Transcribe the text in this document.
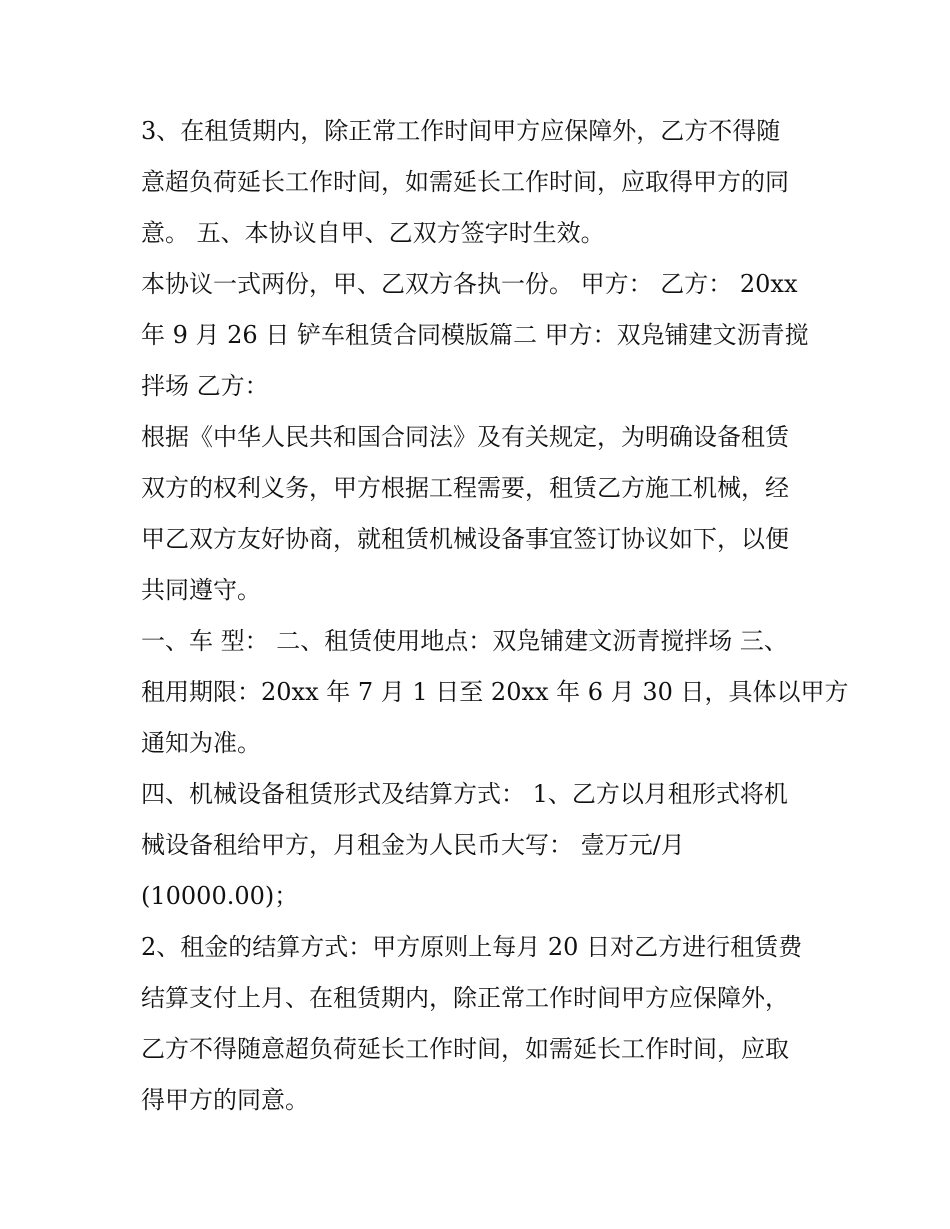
3、在租赁期内，除正常工作时间甲方应保障外，乙方不得随
意超负荷延长工作时间，如需延长工作时间，应取得甲方的同
意。 五、本协议自甲、乙双方签字时生效。
本协议一式两份，甲、乙双方各执一份。 甲方： 乙方： 20xx
年 9 月 26 日 铲车租赁合同模版篇二 甲方：双凫铺建文沥青搅
拌场 乙方：
根据《中华人民共和国合同法》及有关规定，为明确设备租赁
双方的权利义务，甲方根据工程需要，租赁乙方施工机械，经
甲乙双方友好协商，就租赁机械设备事宜签订协议如下，以便
共同遵守。
一、车 型： 二、租赁使用地点：双凫铺建文沥青搅拌场 三、
租用期限：20xx 年 7 月 1 日至 20xx 年 6 月 30 日，具体以甲方
通知为准。
四、机械设备租赁形式及结算方式： 1、乙方以月租形式将机
械设备租给甲方，月租金为人民币大写： 壹万元/月
(10000.00)；
2、租金的结算方式：甲方原则上每月 20 日对乙方进行租赁费
结算支付上月、在租赁期内，除正常工作时间甲方应保障外，
乙方不得随意超负荷延长工作时间，如需延长工作时间，应取
得甲方的同意。
